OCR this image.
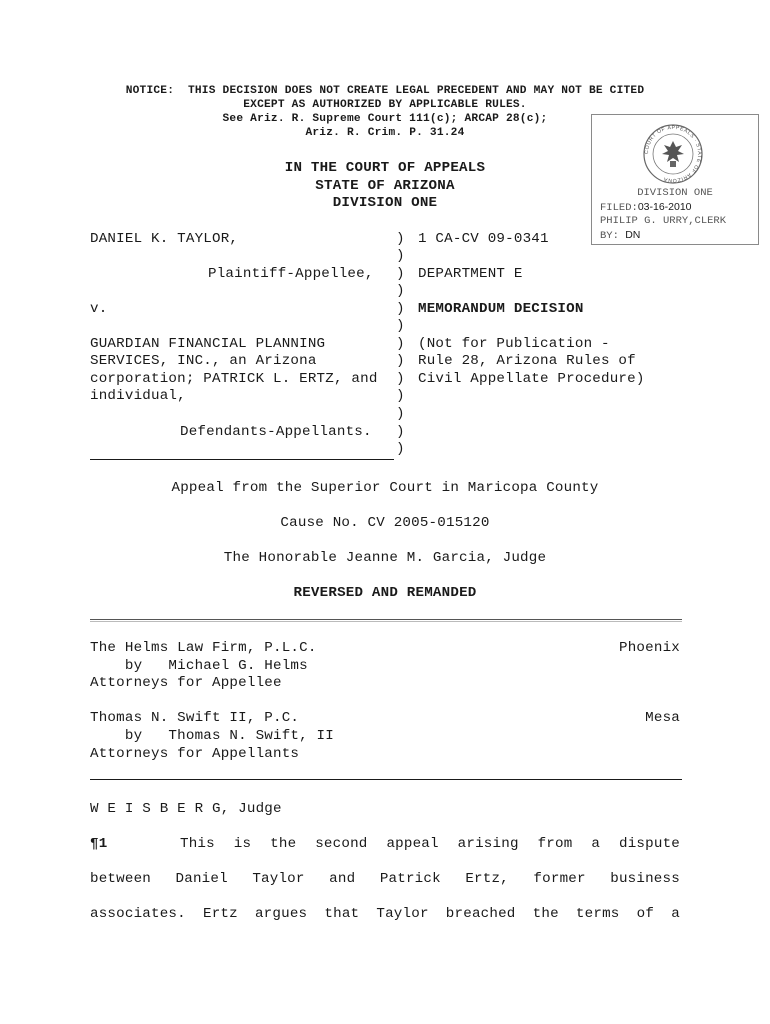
NOTICE:  THIS DECISION DOES NOT CREATE LEGAL PRECEDENT AND MAY NOT BE CITED
EXCEPT AS AUTHORIZED BY APPLICABLE RULES.
See Ariz. R. Supreme Court 111(c); ARCAP 28(c);
Ariz. R. Crim. P. 31.24
IN THE COURT OF APPEALS
STATE OF ARIZONA
DIVISION ONE
COURT OF APPEALS · STATE OF ARIZONA
DIVISION ONE
FILED:03-16-2010
PHILIP G. URRY,CLERK
BY: DN
DANIEL K. TAYLOR,
Plaintiff-Appellee,
v.
GUARDIAN FINANCIAL PLANNING
SERVICES, INC., an Arizona
corporation; PATRICK L. ERTZ, and
individual,
Defendants-Appellants.
)
)
)
)
)
)
)
)
)
)
)
)
)
1 CA-CV 09-0341
DEPARTMENT E
MEMORANDUM DECISION
(Not for Publication -
Rule 28, Arizona Rules of
Civil Appellate Procedure)
Appeal from the Superior Court in Maricopa County
Cause No. CV 2005-015120
The Honorable Jeanne M. Garcia, Judge
REVERSED AND REMANDED
The Helms Law Firm, P.L.C.
by   Michael G. Helms
Attorneys for Appellee
Phoenix
Thomas N. Swift II, P.C.
by   Thomas N. Swift, II
Attorneys for Appellants
Mesa
W E I S B E R G, Judge
¶1	This is the second appeal arising from a dispute
between Daniel Taylor and Patrick Ertz, former business
associates. Ertz argues that Taylor breached the terms of a
